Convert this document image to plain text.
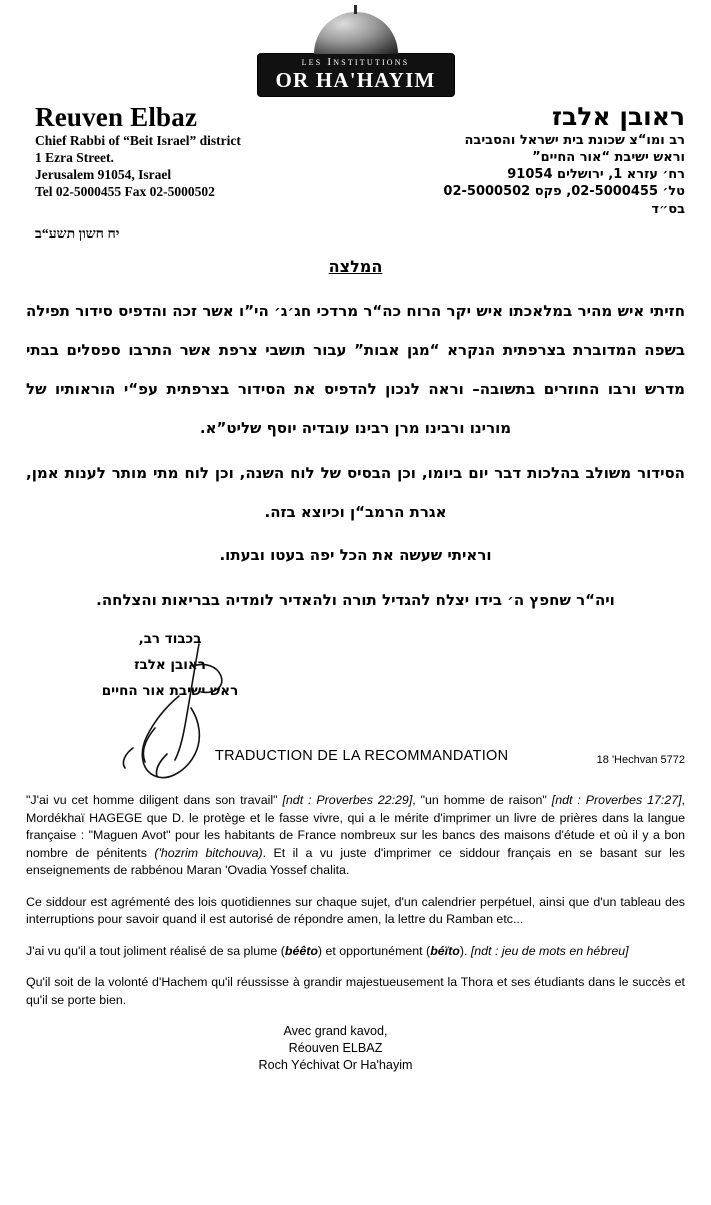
les Institutions
OR HA'HAYIM
Reuven Elbaz
Chief Rabbi of “Beit Israel” district
1 Ezra Street.
Jerusalem 91054, Israel
Tel 02-5000455 Fax 02-5000502
ראובן אלבז
רב ומו“צ שכונת בית ישראל והסביבה
וראש ישיבת “אור החיים”
רח׳ עזרא 1, ירושלים 91054
טל׳ 02-5000455, פקס 02-5000502
בס״ד
יח חשון תשע“ב
המלצה
חזיתי איש מהיר במלאכתו איש יקר הרוח כה“ר מרדכי חג׳ג׳ הי”ו אשר זכה והדפיס סידור תפילה בשפה המדוברת בצרפתית הנקרא “מגן אבות” עבור תושבי צרפת אשר התרבו ספסלים בבתי מדרש ורבו החוזרים בתשובה– וראה לנכון להדפיס את הסידור בצרפתית עפ“י הוראותיו של מורינו ורבינו מרן רבינו עובדיה יוסף שליט”א.
הסידור משולב בהלכות דבר יום ביומו, וכן הבסיס של לוח השנה, וכן לוח מתי מותר לענות אמן, אגרת הרמב“ן וכיוצא בזה.
וראיתי שעשה את הכל יפה בעטו ובעתו.
ויה“ר שחפץ ה׳ בידו יצלח להגדיל תורה ולהאדיר לומדיה בבריאות והצלחה.
בכבוד רב,
ראובן אלבז
ראש ישיבת אור החיים
TRADUCTION DE LA RECOMMANDATION	18 'Hechvan 5772

"J'ai vu cet homme diligent dans son travail" [ndt : Proverbes 22:29], "un homme de raison" [ndt : Proverbes 17:27], Mordékhaï HAGEGE que D. le protège et le fasse vivre, qui a le mérite d'imprimer un livre de prières dans la langue française : "Maguen Avot" pour les habitants de France nombreux sur les bancs des maisons d'étude et où il y a bon nombre de pénitents ('hozrim bitchouva). Et il a vu juste d'imprimer ce siddour français en se basant sur les enseignements de rabbénou Maran 'Ovadia Yossef chalita.

Ce siddour est agrémenté des lois quotidiennes sur chaque sujet, d'un calendrier perpétuel, ainsi que d'un tableau des interruptions pour savoir quand il est autorisé de répondre amen, la lettre du Ramban etc...

J'ai vu qu'il a tout joliment réalisé de sa plume (béêto) et opportunément (béïto). [ndt : jeu de mots en hébreu]

Qu'il soit de la volonté d'Hachem qu'il réussisse à grandir majestueusement la Thora et ses étudiants dans le succès et qu'il se porte bien.

Avec grand kavod,
Réouven ELBAZ
Roch Yéchivat Or Ha'hayim
